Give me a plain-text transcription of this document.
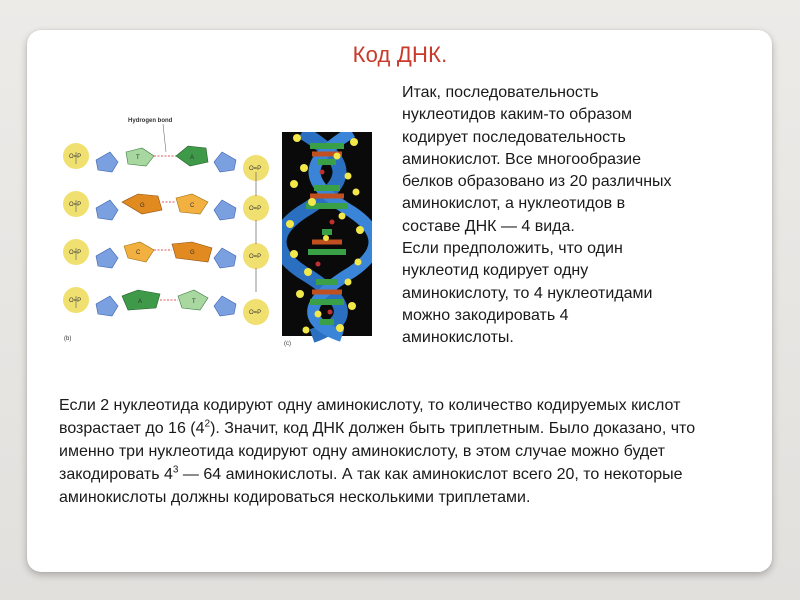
Код ДНК.
Hydrogen bond
O=P
O=P
T	A
O=P
O=P
G	C
O=P
O=P
C	G
O=P
O=P
A	T
(b)
(c)
Итак, последовательность
нуклеотидов каким-то образом
кодирует последовательность
аминокислот. Все многообразие
белков образовано из 20 различных
аминокислот, а нуклеотидов в
составе ДНК — 4 вида.
Если предположить, что один
нуклеотид кодирует одну
аминокислоту, то 4 нуклеотидами
можно закодировать 4
аминокислоты.
Если 2 нуклеотида кодируют одну аминокислоту, то количество кодируемых кислот возрастает до 16 $(4^2)$. Значит, код ДНК должен быть триплетным. Было доказано, что именно три нуклеотида кодируют одну аминокислоту, в этом случае можно будет закодировать $4^3$ — 64 аминокислоты. А так как аминокислот всего 20, то некоторые аминокислоты должны кодироваться несколькими триплетами.
